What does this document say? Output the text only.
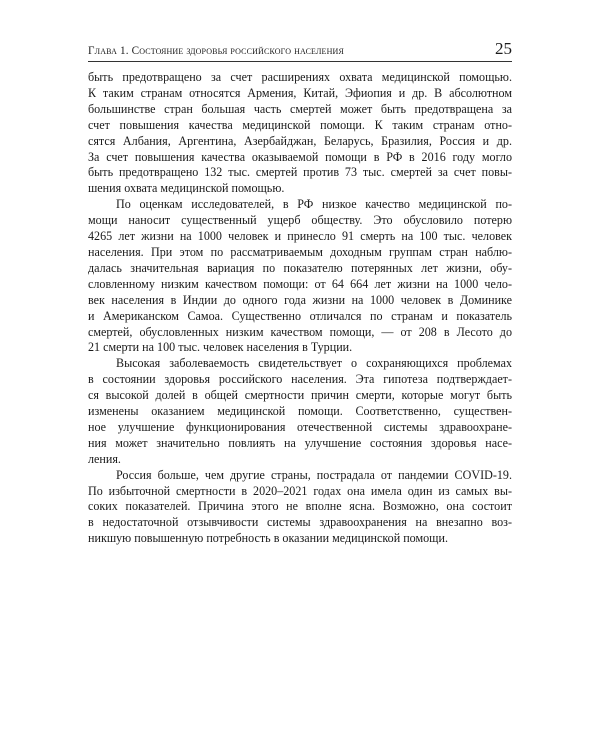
Глава 1. Состояние здоровья российского населения	25
быть предотвращено за счет расширениях охвата медицинской помощью.
К таким странам относятся Армения, Китай, Эфиопия и др. В абсолютном
большинстве стран большая часть смертей может быть предотвращена за
счет повышения качества медицинской помощи. К таким странам отно-
сятся Албания, Аргентина, Азербайджан, Беларусь, Бразилия, Россия и др.
За счет повышения качества оказываемой помощи в РФ в 2016 году могло
быть предотвращено 132 тыс. смертей против 73 тыс. смертей за счет повы-
шения охвата медицинской помощью.
По оценкам исследователей, в РФ низкое качество медицинской по-
мощи наносит существенный ущерб обществу. Это обусловило потерю
4265 лет жизни на 1000 человек и принесло 91 смерть на 100 тыс. человек
населения. При этом по рассматриваемым доходным группам стран наблю-
далась значительная вариация по показателю потерянных лет жизни, обу-
словленному низким качеством помощи: от 64 664 лет жизни на 1000 чело-
век населения в Индии до одного года жизни на 1000 человек в Доминике
и Американском Самоа. Существенно отличался по странам и показатель
смертей, обусловленных низким качеством помощи, — от 208 в Лесото до
21 смерти на 100 тыс. человек населения в Турции.
Высокая заболеваемость свидетельствует о сохраняющихся проблемах
в состоянии здоровья российского населения. Эта гипотеза подтверждает-
ся высокой долей в общей смертности причин смерти, которые могут быть
изменены оказанием медицинской помощи. Соответственно, существен-
ное улучшение функционирования отечественной системы здравоохране-
ния может значительно повлиять на улучшение состояния здоровья насе-
ления.
Россия больше, чем другие страны, пострадала от пандемии COVID-19.
По избыточной смертности в 2020–2021 годах она имела один из самых вы-
соких показателей. Причина этого не вполне ясна. Возможно, она состоит
в недостаточной отзывчивости системы здравоохранения на внезапно воз-
никшую повышенную потребность в оказании медицинской помощи.
